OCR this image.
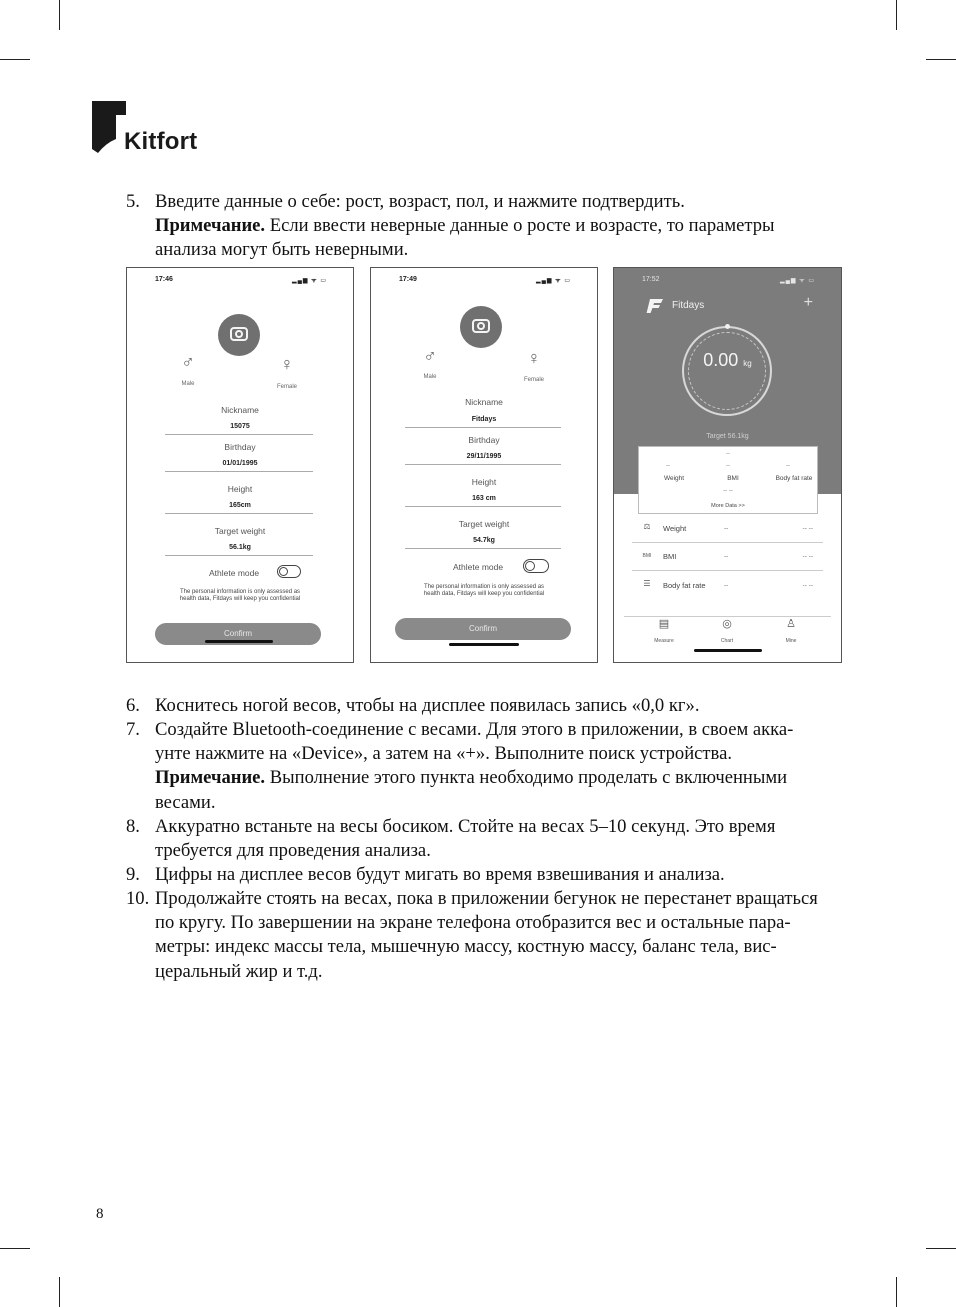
Kitfort
5. Введите данные о себе: рост, возраст, пол, и нажмите подтвердить.
Примечание. Если ввести неверные данные о росте и возрасте, то параметры
анализа могут быть неверными.
17:46	▂▄▆ ᯤ ▭
♂
Male
♀
Female
Nickname
15075
Birthday
01/01/1995
Height
165cm
Target weight
56.1kg
Athlete mode
The personal information is only assessed as
health data, Fitdays will keep you confidential
Confirm
17:49	▂▄▆ ᯤ ▭
♂
Male
♀
Female
Nickname
Fitdays
Birthday
29/11/1995
Height
163 cm
Target weight
54.7kg
Athlete mode
The personal information is only assessed as
health data, Fitdays will keep you confidential
Confirm
17:52	▂▄▆ ᯤ ▭
Fitdays	+
0.00 kg
Target 56.1kg
--
--	--	--
Weight	BMI	Body fat rate
-- --
More Data >>
⚖	Weight	--	-- --
BMI	BMI	--	-- --
☰	Body fat rate	--	-- --
▤
Measure
◎
Chart
♙
Mine
6. Коснитесь ногой весов, чтобы на дисплее появилась запись «0,0 кг».
7. Создайте Bluetooth-соединение с весами. Для этого в приложении, в своем акка-
унте нажмите на «Device», а затем на «+». Выполните поиск устройства.
Примечание. Выполнение этого пункта необходимо проделать с включенными
весами.
8. Аккуратно встаньте на весы босиком. Стойте на весах 5–10 секунд. Это время
требуется для проведения анализа.
9. Цифры на дисплее весов будут мигать во время взвешивания и анализа.
10. Продолжайте стоять на весах, пока в приложении бегунок не перестанет вращаться
по кругу. По завершении на экране телефона отобразится вес и остальные пара-
метры: индекс массы тела, мышечную массу, костную массу, баланс тела, вис-
церальный жир и т.д.
8
